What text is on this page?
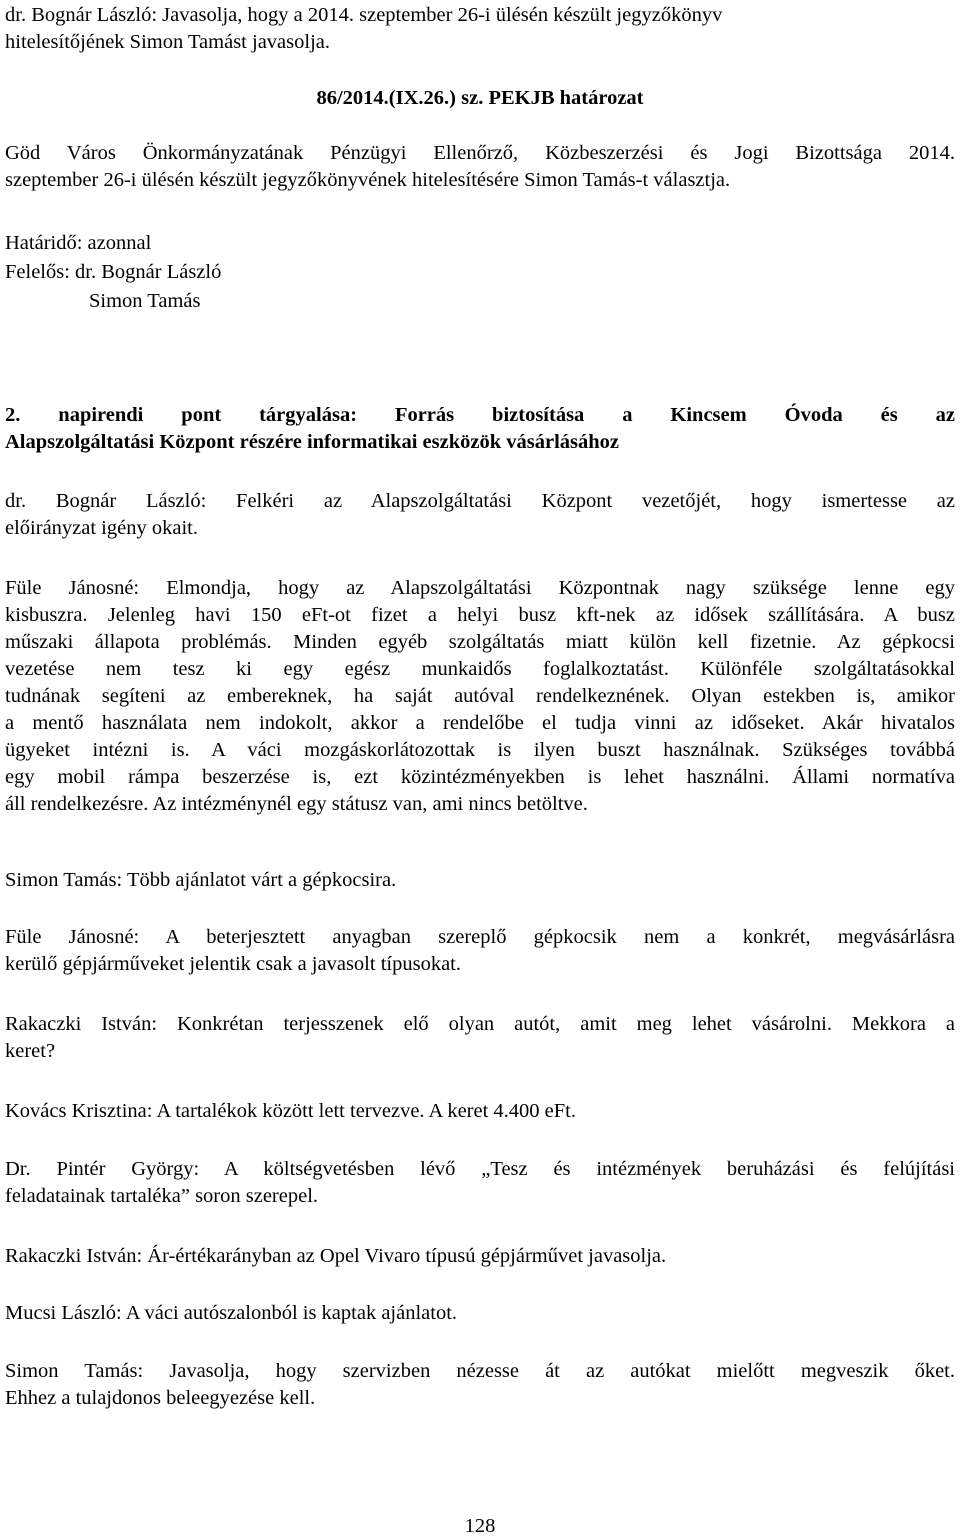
dr. Bognár László: Javasolja, hogy a 2014. szeptember 26-i ülésén készült jegyzőkönyv
hitelesítőjének Simon Tamást javasolja.
86/2014.(IX.26.) sz. PEKJB határozat
Göd Város Önkormányzatának Pénzügyi Ellenőrző, Közbeszerzési és Jogi Bizottsága 2014.
szeptember 26-i ülésén készült jegyzőkönyvének hitelesítésére Simon Tamás-t választja.
Határidő: azonnal
Felelős: dr. Bognár László
Simon Tamás
2. napirendi pont tárgyalása: Forrás biztosítása a Kincsem Óvoda és az
Alapszolgáltatási Központ részére informatikai eszközök vásárlásához
dr. Bognár László: Felkéri az Alapszolgáltatási Központ vezetőjét, hogy ismertesse az
előirányzat igény okait.
Füle Jánosné: Elmondja, hogy az Alapszolgáltatási Központnak nagy szüksége lenne egy
kisbuszra. Jelenleg havi 150 eFt-ot fizet a helyi busz kft-nek az idősek szállítására. A busz
műszaki állapota problémás. Minden egyéb szolgáltatás miatt külön kell fizetnie. Az gépkocsi
vezetése nem tesz ki egy egész munkaidős foglalkoztatást. Különféle szolgáltatásokkal
tudnának segíteni az embereknek, ha saját autóval rendelkeznének. Olyan estekben is, amikor
a mentő használata nem indokolt, akkor a rendelőbe el tudja vinni az időseket. Akár hivatalos
ügyeket intézni is. A váci mozgáskorlátozottak is ilyen buszt használnak. Szükséges továbbá
egy mobil rámpa beszerzése is, ezt közintézményekben is lehet használni. Állami normatíva
áll rendelkezésre. Az intézménynél egy státusz van, ami nincs betöltve.
Simon Tamás: Több ajánlatot várt a gépkocsira.
Füle Jánosné: A beterjesztett anyagban szereplő gépkocsik nem a konkrét, megvásárlásra
kerülő gépjárműveket jelentik csak a javasolt típusokat.
Rakaczki István: Konkrétan terjesszenek elő olyan autót, amit meg lehet vásárolni. Mekkora a
keret?
Kovács Krisztina: A tartalékok között lett tervezve. A keret 4.400 eFt.
Dr. Pintér György: A költségvetésben lévő „Tesz és intézmények beruházási és felújítási
feladatainak tartaléka” soron szerepel.
Rakaczki István: Ár-értékarányban az Opel Vivaro típusú gépjárművet javasolja.
Mucsi László: A váci autószalonból is kaptak ajánlatot.
Simon Tamás: Javasolja, hogy szervizben nézesse át az autókat mielőtt megveszik őket.
Ehhez a tulajdonos beleegyezése kell.
128
